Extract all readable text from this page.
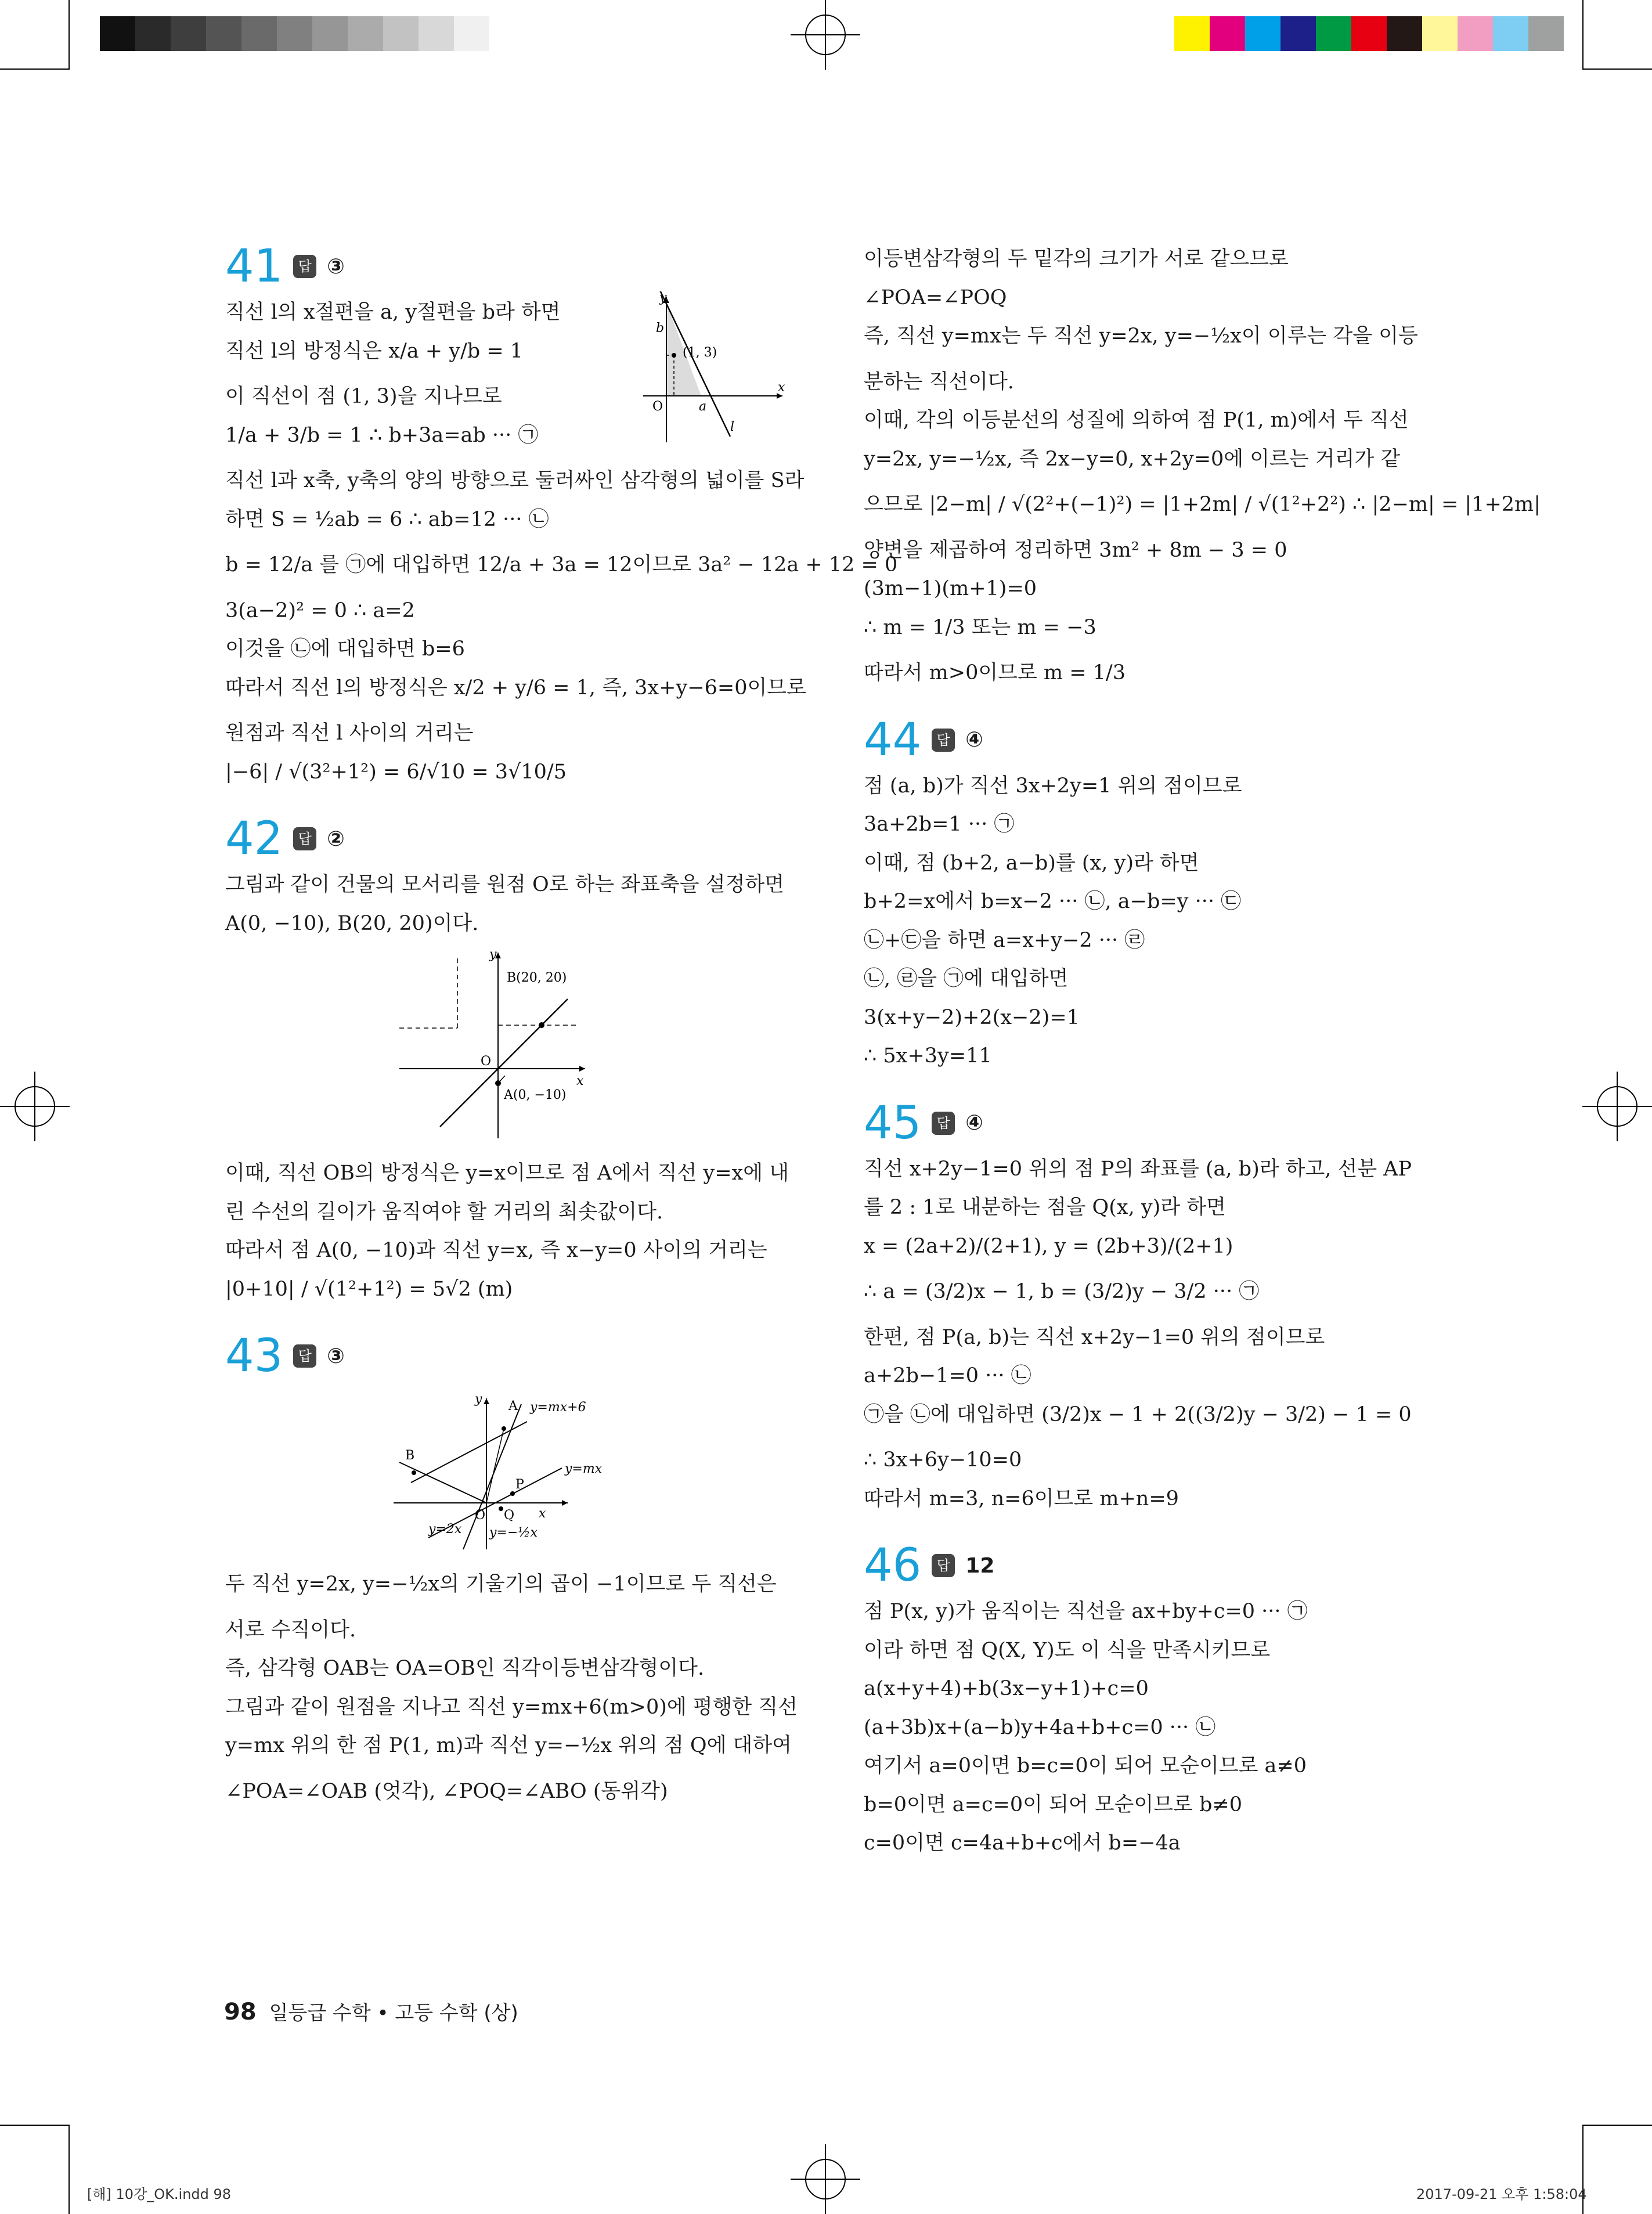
41	답 ③
y
x
O
b
a
l
(1, 3)
직선 l의 x절편을 a, y절편을 b라 하면
직선 l의 방정식은 x/a + y/b = 1
이 직선이 점 (1, 3)을 지나므로
1/a + 3/b = 1 ∴ b+3a=ab ··· ㉠
직선 l과 x축, y축의 양의 방향으로 둘러싸인 삼각형의 넓이를 S라
하면 S = ½ab = 6 ∴ ab=12 ··· ㉡
b = 12/a 를 ㉠에 대입하면 12/a + 3a = 12이므로 3a² − 12a + 12 = 0
3(a−2)² = 0 ∴ a=2
이것을 ㉡에 대입하면 b=6
따라서 직선 l의 방정식은 x/2 + y/6 = 1, 즉, 3x+y−6=0이므로
원점과 직선 l 사이의 거리는
|−6| / √(3²+1²) = 6/√10 = 3√10/5
42	답 ②
그림과 같이 건물의 모서리를 원점 O로 하는 좌표축을 설정하면
A(0, −10), B(20, 20)이다.
y
x
O
B(20, 20)
A(0, −10)
이때, 직선 OB의 방정식은 y=x이므로 점 A에서 직선 y=x에 내
린 수선의 길이가 움직여야 할 거리의 최솟값이다.
따라서 점 A(0, −10)과 직선 y=x, 즉 x−y=0 사이의 거리는
|0+10| / √(1²+1²) = 5√2 (m)
43	답 ③
y
x
O
A
B
P
Q
y=mx+6
y=mx
y=2x y=−½x
두 직선 y=2x, y=−½x의 기울기의 곱이 −1이므로 두 직선은
서로 수직이다.
즉, 삼각형 OAB는 OA=OB인 직각이등변삼각형이다.
그림과 같이 원점을 지나고 직선 y=mx+6(m>0)에 평행한 직선
y=mx 위의 한 점 P(1, m)과 직선 y=−½x 위의 점 Q에 대하여
∠POA=∠OAB (엇각), ∠POQ=∠ABO (동위각)
이등변삼각형의 두 밑각의 크기가 서로 같으므로
∠POA=∠POQ
즉, 직선 y=mx는 두 직선 y=2x, y=−½x이 이루는 각을 이등
분하는 직선이다.
이때, 각의 이등분선의 성질에 의하여 점 P(1, m)에서 두 직선
y=2x, y=−½x, 즉 2x−y=0, x+2y=0에 이르는 거리가 같
으므로 |2−m| / √(2²+(−1)²) = |1+2m| / √(1²+2²) ∴ |2−m| = |1+2m|
양변을 제곱하여 정리하면 3m² + 8m − 3 = 0
(3m−1)(m+1)=0
∴ m = 1/3 또는 m = −3
따라서 m>0이므로 m = 1/3
44	답 ④
점 (a, b)가 직선 3x+2y=1 위의 점이므로
3a+2b=1 ··· ㉠
이때, 점 (b+2, a−b)를 (x, y)라 하면
b+2=x에서 b=x−2 ··· ㉡, a−b=y ··· ㉢
㉡+㉢을 하면 a=x+y−2 ··· ㉣
㉡, ㉣을 ㉠에 대입하면
3(x+y−2)+2(x−2)=1
∴ 5x+3y=11
45	답 ④
직선 x+2y−1=0 위의 점 P의 좌표를 (a, b)라 하고, 선분 AP
를 2 : 1로 내분하는 점을 Q(x, y)라 하면
x = (2a+2)/(2+1), y = (2b+3)/(2+1)
∴ a = (3/2)x − 1, b = (3/2)y − 3/2 ··· ㉠
한편, 점 P(a, b)는 직선 x+2y−1=0 위의 점이므로
a+2b−1=0 ··· ㉡
㉠을 ㉡에 대입하면 (3/2)x − 1 + 2((3/2)y − 3/2) − 1 = 0
∴ 3x+6y−10=0
따라서 m=3, n=6이므로 m+n=9
46	답 12
점 P(x, y)가 움직이는 직선을 ax+by+c=0 ··· ㉠
이라 하면 점 Q(X, Y)도 이 식을 만족시키므로
a(x+y+4)+b(3x−y+1)+c=0
(a+3b)x+(a−b)y+4a+b+c=0 ··· ㉡
여기서 a=0이면 b=c=0이 되어 모순이므로 a≠0
b=0이면 a=c=0이 되어 모순이므로 b≠0
c=0이면 c=4a+b+c에서 b=−4a
98 일등급 수학 • 고등 수학 (상)
[해] 10강_OK.indd 98	2017-09-21 오후 1:58:04
